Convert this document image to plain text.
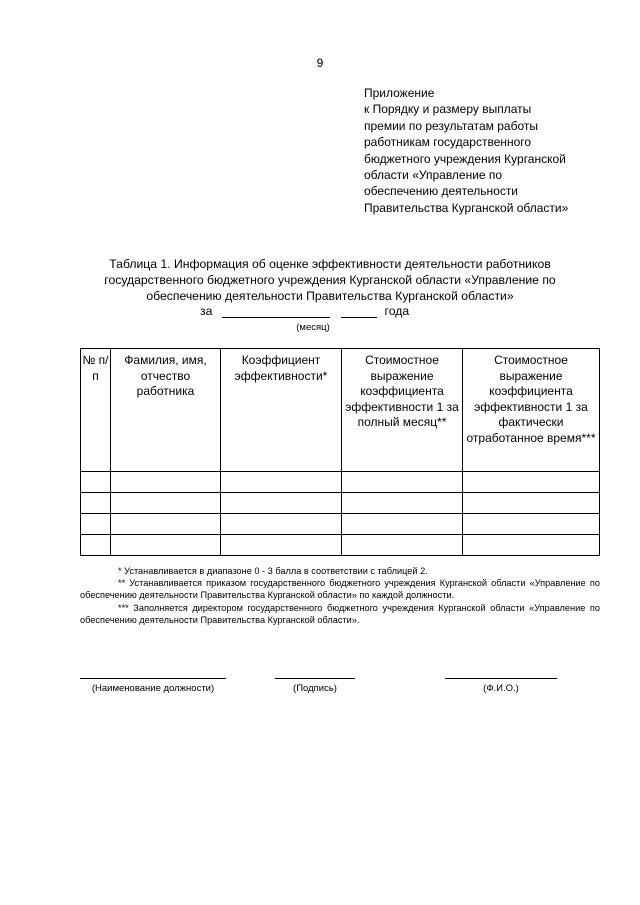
9
Приложение
к Порядку и размеру выплаты
премии по результатам работы
работникам государственного
бюджетного учреждения Курганской
области «Управление по
обеспечению деятельности
Правительства Курганской области»
Таблица 1. Информация об оценке эффективности деятельности работников
государственного бюджетного учреждения Курганской области «Управление по
обеспечению деятельности Правительства Курганской области»
за	года
(месяц)
№ п/п	Фамилия, имя, отчество работника	Коэффициент эффективности*	Стоимостное выражение коэффициента эффективности 1 за полный месяц**	Стоимостное выражение коэффициента эффективности 1 за фактически отработанное время***

* Устанавливается в диапазоне 0 - 3 балла в соответствии с таблицей 2.

** Устанавливается приказом государственного бюджетного учреждения Курганской области «Управление по обеспечению деятельности Правительства Курганской области» по каждой должности.

*** Заполняется директором государственного бюджетного учреждения Курганской области «Управление по обеспечению деятельности Правительства Курганской области».

(Наименование должности)	(Подпись)	(Ф.И.О.)
